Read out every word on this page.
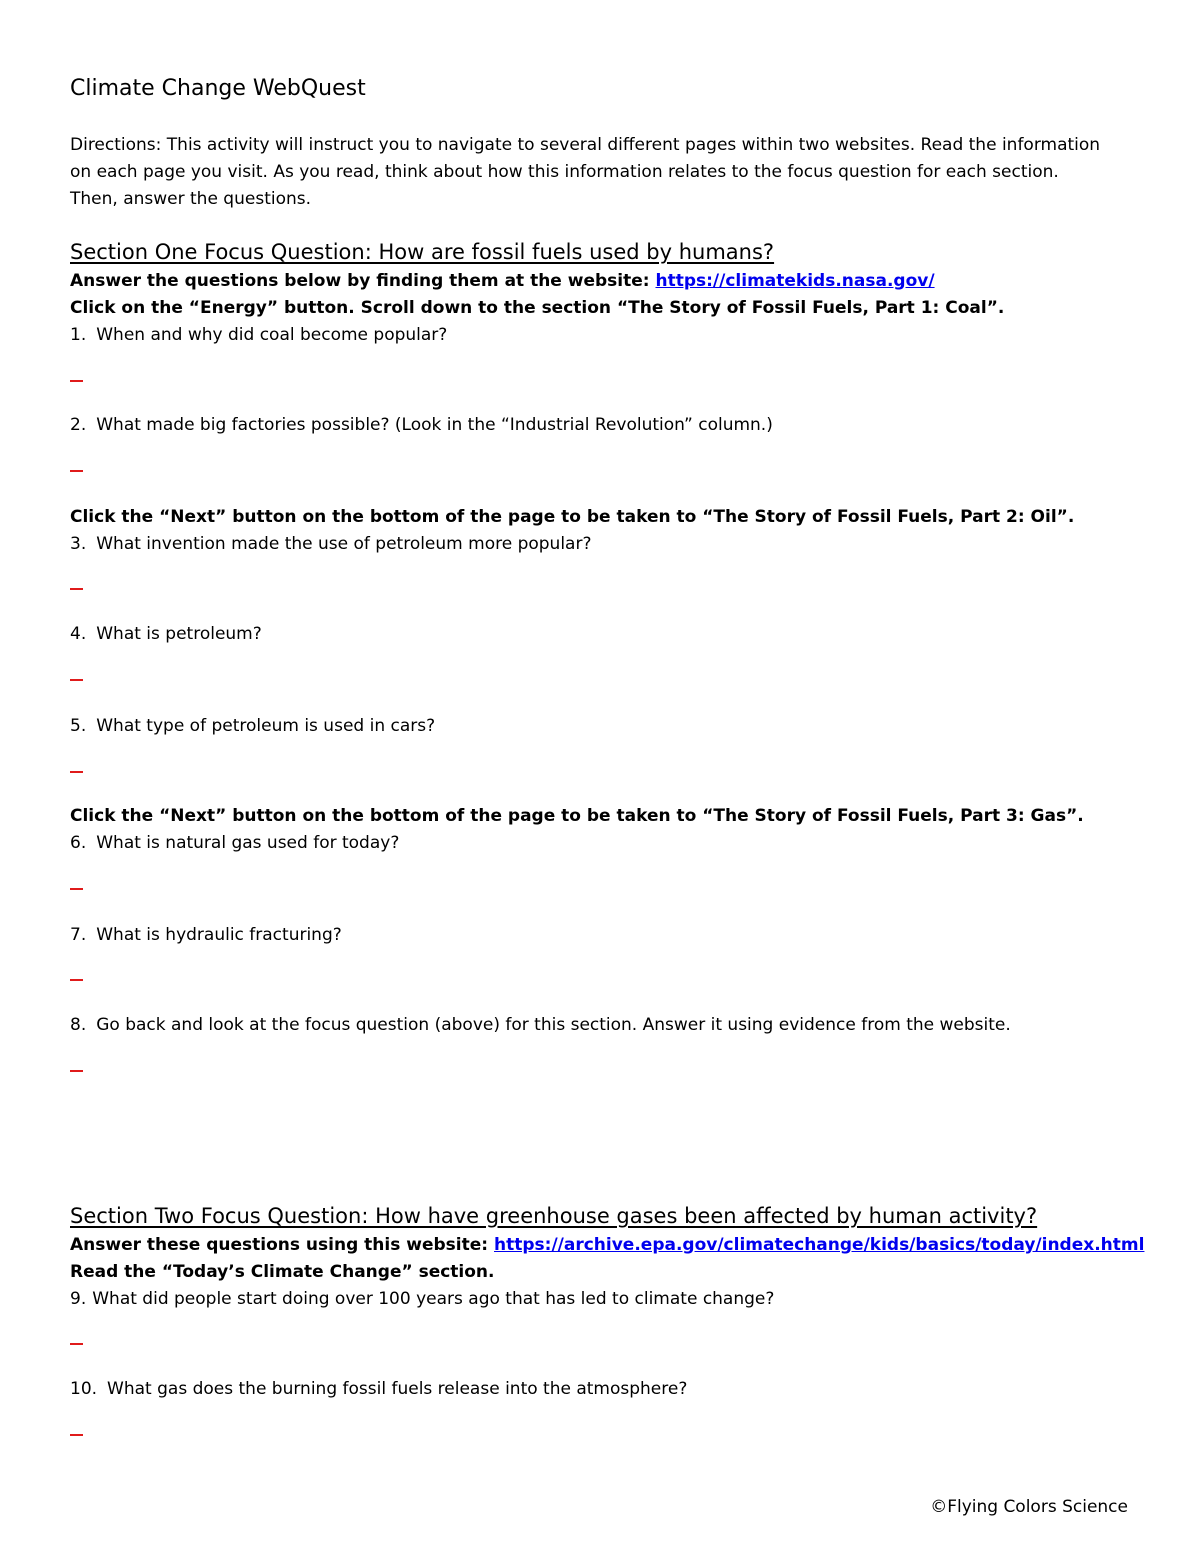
Climate Change WebQuest
Directions: This activity will instruct you to navigate to several different pages within two websites. Read the information
on each page you visit. As you read, think about how this information relates to the focus question for each section.
Then, answer the questions.
Section One Focus Question: How are fossil fuels used by humans?
Answer the questions below by finding them at the website: https://climatekids.nasa.gov/
Click on the “Energy” button. Scroll down to the section “The Story of Fossil Fuels, Part 1: Coal”.
1. When and why did coal become popular?
2. What made big factories possible? (Look in the “Industrial Revolution” column.)
Click the “Next” button on the bottom of the page to be taken to “The Story of Fossil Fuels, Part 2: Oil”.
3. What invention made the use of petroleum more popular?
4. What is petroleum?
5. What type of petroleum is used in cars?
Click the “Next” button on the bottom of the page to be taken to “The Story of Fossil Fuels, Part 3: Gas”.
6. What is natural gas used for today?
7. What is hydraulic fracturing?
8. Go back and look at the focus question (above) for this section. Answer it using evidence from the website.
Section Two Focus Question: How have greenhouse gases been affected by human activity?
Answer these questions using this website: https://archive.epa.gov/climatechange/kids/basics/today/index.html
Read the “Today’s Climate Change” section.
9. What did people start doing over 100 years ago that has led to climate change?
10. What gas does the burning fossil fuels release into the atmosphere?
©Flying Colors Science
